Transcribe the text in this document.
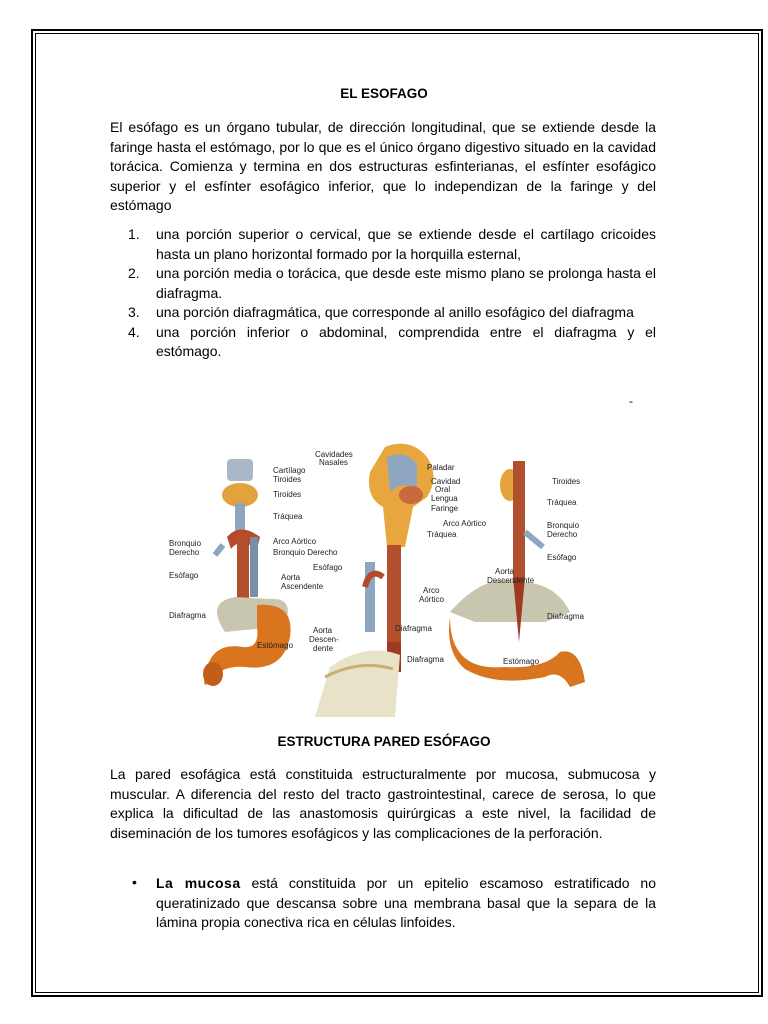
EL ESOFAGO
El esófago es un órgano tubular, de dirección longitudinal, que se extiende desde la faringe hasta el estómago, por lo que es el único órgano digestivo situado en la cavidad torácica. Comienza y termina en dos estructuras esfinterianas, el esfínter esofágico superior y el esfínter esofágico inferior, que lo independizan de la faringe y del estómago
1. una porción superior o cervical, que se extiende desde el cartílago cricoides hasta un plano horizontal formado por la horquilla esternal,
2. una porción media o torácica, que desde este mismo plano se prolonga hasta el diafragma.
3. una porción diafragmática, que corresponde al anillo esofágico del diafragma
4. una porción inferior o abdominal, comprendida entre el diafragma y el estómago.
-
Cartílago
Tiroides
Tiroides
Tráquea
Bronquio
Derecho
Arco Aórtico
Bronquio Derecho
Esófago	Aorta
Ascendente
Diafragma
Estómago
Cavidades
Nasales
Paladar
Cavidad
Oral
Lengua
Faringe
Arco Aórtico
Tráquea
Esófago
Arco
Aórtico
Diafragma
Aorta
Descen-
dente
Diafragma
Tiroides
Tráquea
Bronquio
Derecho
Esófago
Aorta
Descendente
Diafragma
Estómago
ESTRUCTURA PARED ESÓFAGO
La pared esofágica está constituida estructuralmente por mucosa, submucosa y muscular. A diferencia del resto del tracto gastrointestinal, carece de serosa, lo que explica la dificultad de las anastomosis quirúrgicas a este nivel, la facilidad de diseminación de los tumores esofágicos y las complicaciones de la perforación.
• La mucosa está constituida por un epitelio escamoso estratificado no queratinizado que descansa sobre una membrana basal que la separa de la lámina propia conectiva rica en células linfoides.
